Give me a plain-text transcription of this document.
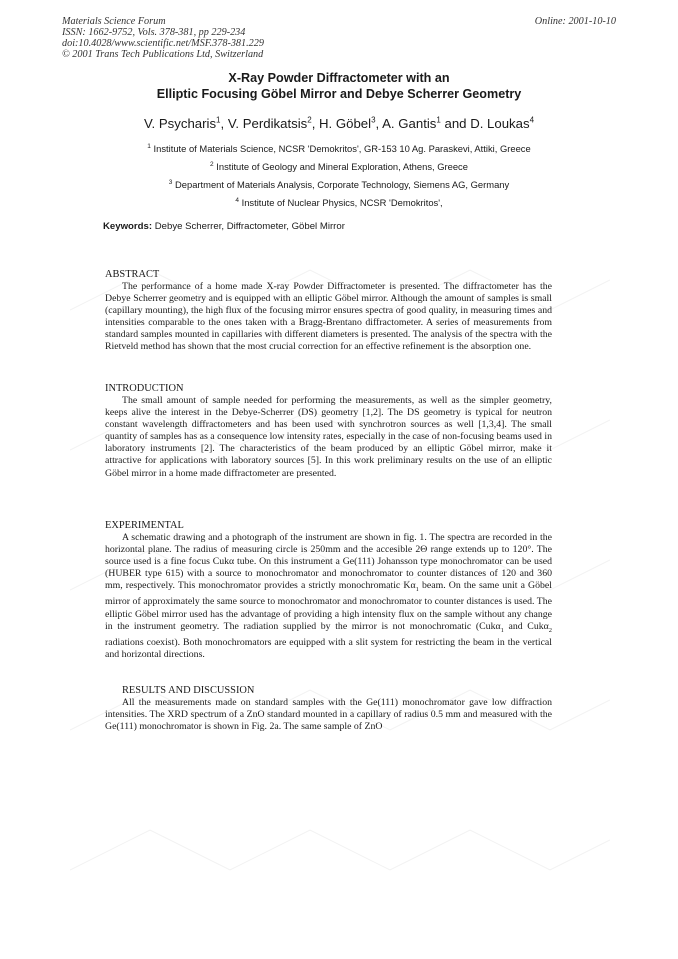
Materials Science Forum
ISSN: 1662-9752, Vols. 378-381, pp 229-234
doi:10.4028/www.scientific.net/MSF.378-381.229
© 2001 Trans Tech Publications Ltd, Switzerland
Online: 2001-10-10
X-Ray Powder Diffractometer with an
Elliptic Focusing Göbel Mirror and Debye Scherrer Geometry
V. Psycharis$^1$, V. Perdikatsis$^2$, H. Göbel$^3$, A. Gantis$^1$ and D. Loukas$^4$
$^1$ Institute of Materials Science, NCSR 'Demokritos', GR-153 10 Ag. Paraskevi, Attiki, Greece
$^2$ Institute of Geology and Mineral Exploration, Athens, Greece
$^3$ Department of Materials Analysis, Corporate Technology, Siemens AG, Germany
$^4$ Institute of Nuclear Physics, NCSR 'Demokritos',
Keywords: Debye Scherrer, Diffractometer, Göbel Mirror
ABSTRACT
The performance of a home made X-ray Powder Diffractometer is presented. The diffractometer has the Debye Scherrer geometry and is equipped with an elliptic Göbel mirror. Although the amount of samples is small (capillary mounting), the high flux of the focusing mirror ensures spectra of good quality, in measuring times and intensities comparable to the ones taken with a Bragg-Brentano diffractometer. A series of measurements from standard samples mounted in capillaries with different diameters is presented. The analysis of the spectra with the Rietveld method has shown that the most crucial correction for an effective refinement is the absorption one.
INTRODUCTION
The small amount of sample needed for performing the measurements, as well as the simpler geometry, keeps alive the interest in the Debye-Scherrer (DS) geometry [1,2]. The DS geometry is typical for neutron constant wavelength diffractometers and has been used with synchrotron sources as well [1,3,4]. The small quantity of samples has as a consequence low intensity rates, especially in the case of non-focusing beams used in laboratory instruments [2]. The characteristics of the beam produced by an elliptic Göbel mirror, make it attractive for applications with laboratory sources [5]. In this work preliminary results on the use of an elliptic Göbel mirror in a home made diffractometer are presented.
EXPERIMENTAL
A schematic drawing and a photograph of the instrument are shown in fig. 1. The spectra are recorded in the horizontal plane. The radius of measuring circle is 250mm and the accesible 2Θ range extends up to 120°. The source used is a fine focus Cukα tube. On this instrument a Ge(111) Johansson type monochromator can be used (HUBER type 615) with a source to monochromator and monochromator to counter distances of 120 and 360 mm, respectively. This monochromator provides a strictly monochromatic $K\alpha_1$ beam. On the same unit a Göbel mirror of approximately the same source to monochromator and monochromator to counter distances is used. The elliptic Göbel mirror used has the advantage of providing a high intensity flux on the sample without any change in the instrument geometry. The radiation supplied by the mirror is not monochromatic (Cukα$_1$ and Cukα$_2$ radiations coexist). Both monochromators are equipped with a slit system for restricting the beam in the vertical and horizontal directions.
RESULTS AND DISCUSSION
All the measurements made on standard samples with the Ge(111) monochromator gave low diffraction intensities. The XRD spectrum of a ZnO standard mounted in a capillary of radius 0.5 mm and measured with the Ge(111) monochromator is shown in Fig. 2a. The same sample of ZnO
